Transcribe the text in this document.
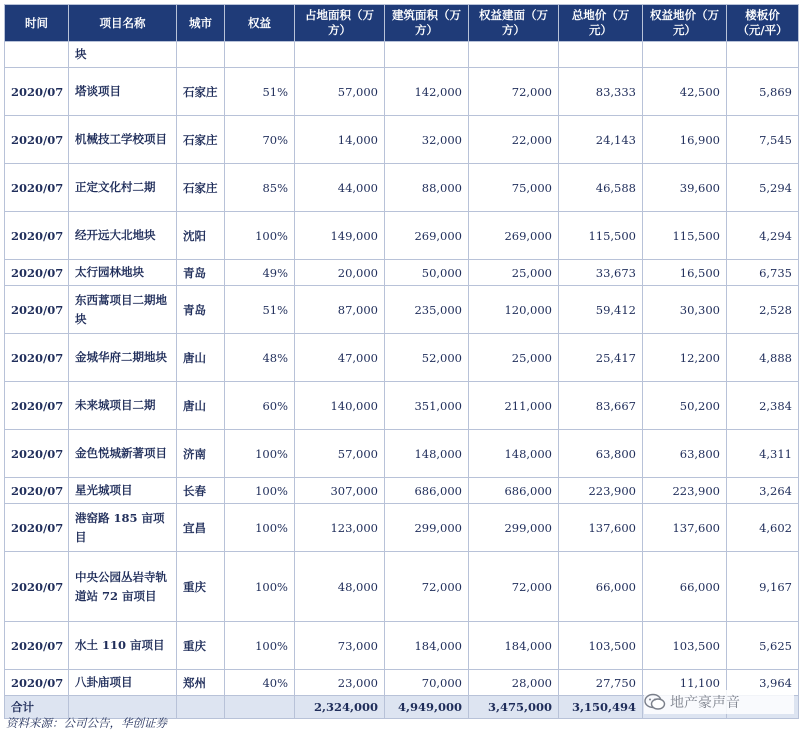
时间	项目名称	城市	权益	占地面积（万方）	建筑面积（万方）	权益建面（万方）	总地价（万元）	权益地价（万元）	楼板价（元/平）
	块								
2020/07	塔谈项目	石家庄	51%	57,000	142,000	72,000	83,333	42,500	5,869
2020/07	机械技工学校项目	石家庄	70%	14,000	32,000	22,000	24,143	16,900	7,545
2020/07	正定文化村二期	石家庄	85%	44,000	88,000	75,000	46,588	39,600	5,294
2020/07	经开远大北地块	沈阳	100%	149,000	269,000	269,000	115,500	115,500	4,294
2020/07	太行园林地块	青岛	49%	20,000	50,000	25,000	33,673	16,500	6,735
2020/07	东西蒿项目二期地块	青岛	51%	87,000	235,000	120,000	59,412	30,300	2,528
2020/07	金城华府二期地块	唐山	48%	47,000	52,000	25,000	25,417	12,200	4,888
2020/07	未来城项目二期	唐山	60%	140,000	351,000	211,000	83,667	50,200	2,384
2020/07	金色悦城新著项目	济南	100%	57,000	148,000	148,000	63,800	63,800	4,311
2020/07	星光城项目	长春	100%	307,000	686,000	686,000	223,900	223,900	3,264
2020/07	港窑路 185 亩项目	宜昌	100%	123,000	299,000	299,000	137,600	137,600	4,602
2020/07	中央公园丛岩寺轨道站 72 亩项目	重庆	100%	48,000	72,000	72,000	66,000	66,000	9,167
2020/07	水土 110 亩项目	重庆	100%	73,000	184,000	184,000	103,500	103,500	5,625
2020/07	八卦庙项目	郑州	40%	23,000	70,000	28,000	27,750	11,100	3,964
合计				2,324,000	4,949,000	3,475,000	3,150,494		
资料来源：公司公告，华创证券
地产豪声音
